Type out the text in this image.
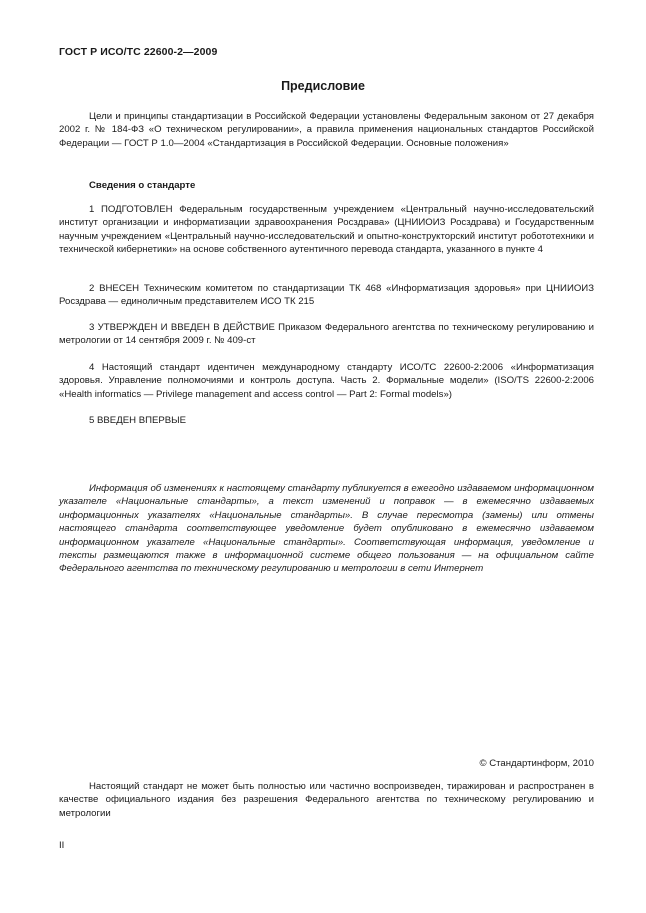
ГОСТ Р ИСО/ТС 22600-2—2009
Предисловие

Цели и принципы стандартизации в Российской Федерации установлены Федеральным законом от 27 декабря 2002 г. № 184-ФЗ «О техническом регулировании», а правила применения национальных стандартов Российской Федерации — ГОСТ Р 1.0—2004 «Стандартизация в Российской Федерации. Основные положения»

Сведения о стандарте

1 ПОДГОТОВЛЕН Федеральным государственным учреждением «Центральный научно-исследовательский институт организации и информатизации здравоохранения Росздрава» (ЦНИИОИЗ Росздрава) и Государственным научным учреждением «Центральный научно-исследовательский и опытно-конструкторский институт робототехники и технической кибернетики» на основе собственного аутентичного перевода стандарта, указанного в пункте 4

2 ВНЕСЕН Техническим комитетом по стандартизации ТК 468 «Информатизация здоровья» при ЦНИИОИЗ Росздрава — единоличным представителем ИСО ТК 215

3 УТВЕРЖДЕН И ВВЕДЕН В ДЕЙСТВИЕ Приказом Федерального агентства по техническому регулированию и метрологии от 14 сентября 2009 г. № 409-ст

4 Настоящий стандарт идентичен международному стандарту ИСО/ТС 22600-2:2006 «Информатизация здоровья. Управление полномочиями и контроль доступа. Часть 2. Формальные модели» (ISO/TS 22600-2:2006 «Health informatics — Privilege management and access control — Part 2: Formal models»)

5 ВВЕДЕН ВПЕРВЫЕ

Информация об изменениях к настоящему стандарту публикуется в ежегодно издаваемом информационном указателе «Национальные стандарты», а текст изменений и поправок — в ежемесячно издаваемых информационных указателях «Национальные стандарты». В случае пересмотра (замены) или отмены настоящего стандарта соответствующее уведомление будет опубликовано в ежемесячно издаваемом информационном указателе «Национальные стандарты». Соответствующая информация, уведомление и тексты размещаются также в информационной системе общего пользования — на официальном сайте Федерального агентства по техническому регулированию и метрологии в сети Интернет

© Стандартинформ, 2010

Настоящий стандарт не может быть полностью или частично воспроизведен, тиражирован и распространен в качестве официального издания без разрешения Федерального агентства по техническому регулированию и метрологии

II
